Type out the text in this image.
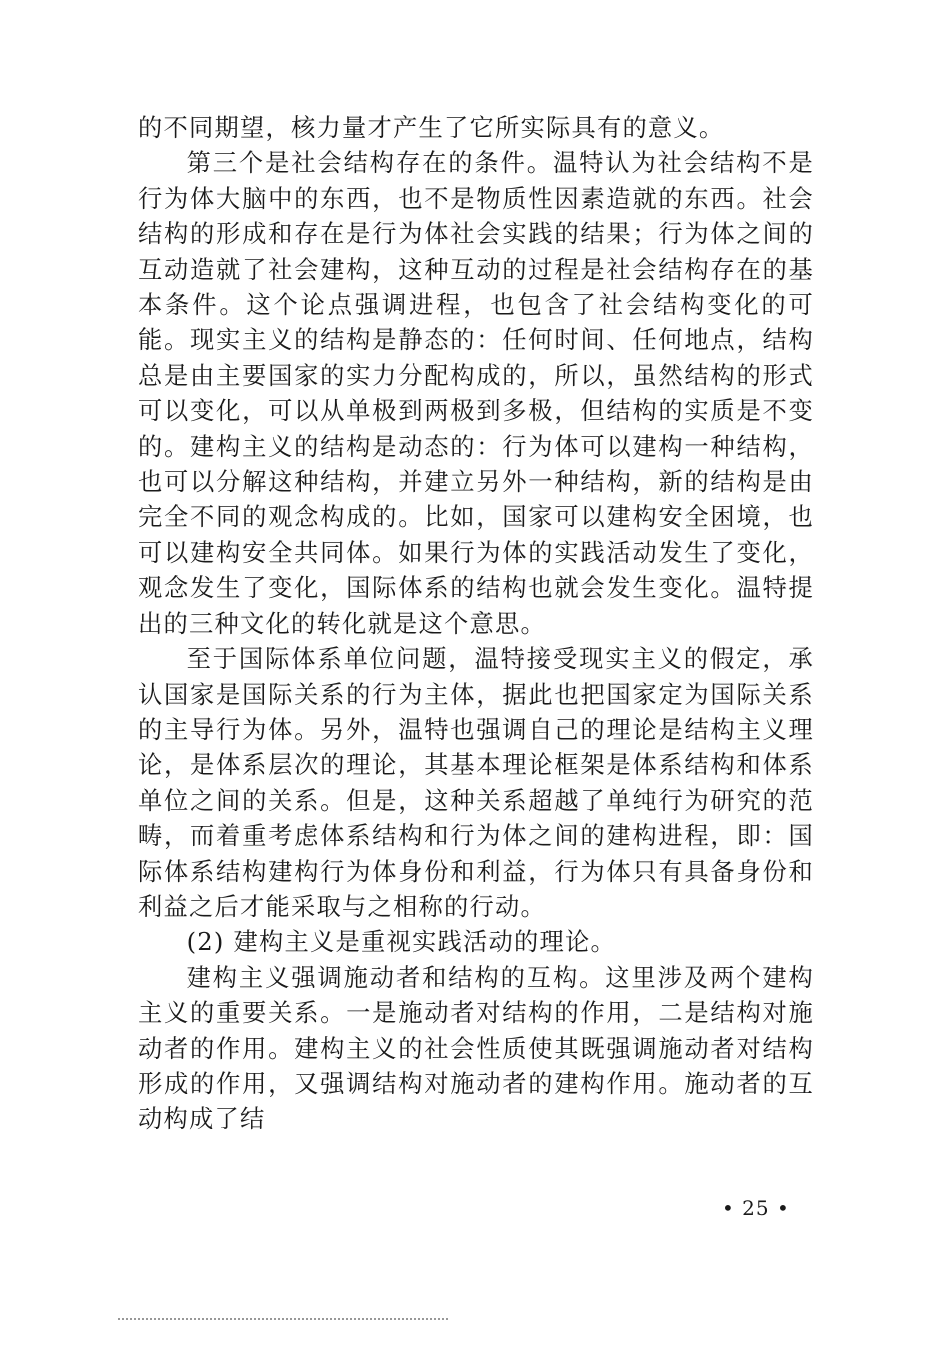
的不同期望，核力量才产生了它所实际具有的意义。

第三个是社会结构存在的条件。温特认为社会结构不是行为体大脑中的东西，也不是物质性因素造就的东西。社会结构的形成和存在是行为体社会实践的结果；行为体之间的互动造就了社会建构，这种互动的过程是社会结构存在的基本条件。这个论点强调进程，也包含了社会结构变化的可能。现实主义的结构是静态的：任何时间、任何地点，结构总是由主要国家的实力分配构成的，所以，虽然结构的形式可以变化，可以从单极到两极到多极，但结构的实质是不变的。建构主义的结构是动态的：行为体可以建构一种结构，也可以分解这种结构，并建立另外一种结构，新的结构是由完全不同的观念构成的。比如，国家可以建构安全困境，也可以建构安全共同体。如果行为体的实践活动发生了变化，观念发生了变化，国际体系的结构也就会发生变化。温特提出的三种文化的转化就是这个意思。

至于国际体系单位问题，温特接受现实主义的假定，承认国家是国际关系的行为主体，据此也把国家定为国际关系的主导行为体。另外，温特也强调自己的理论是结构主义理论，是体系层次的理论，其基本理论框架是体系结构和体系单位之间的关系。但是，这种关系超越了单纯行为研究的范畴，而着重考虑体系结构和行为体之间的建构进程，即：国际体系结构建构行为体身份和利益，行为体只有具备身份和利益之后才能采取与之相称的行动。

(2) 建构主义是重视实践活动的理论。

建构主义强调施动者和结构的互构。这里涉及两个建构主义的重要关系。一是施动者对结构的作用，二是结构对施动者的作用。建构主义的社会性质使其既强调施动者对结构形成的作用，又强调结构对施动者的建构作用。施动者的互动构成了结

• 25 •
